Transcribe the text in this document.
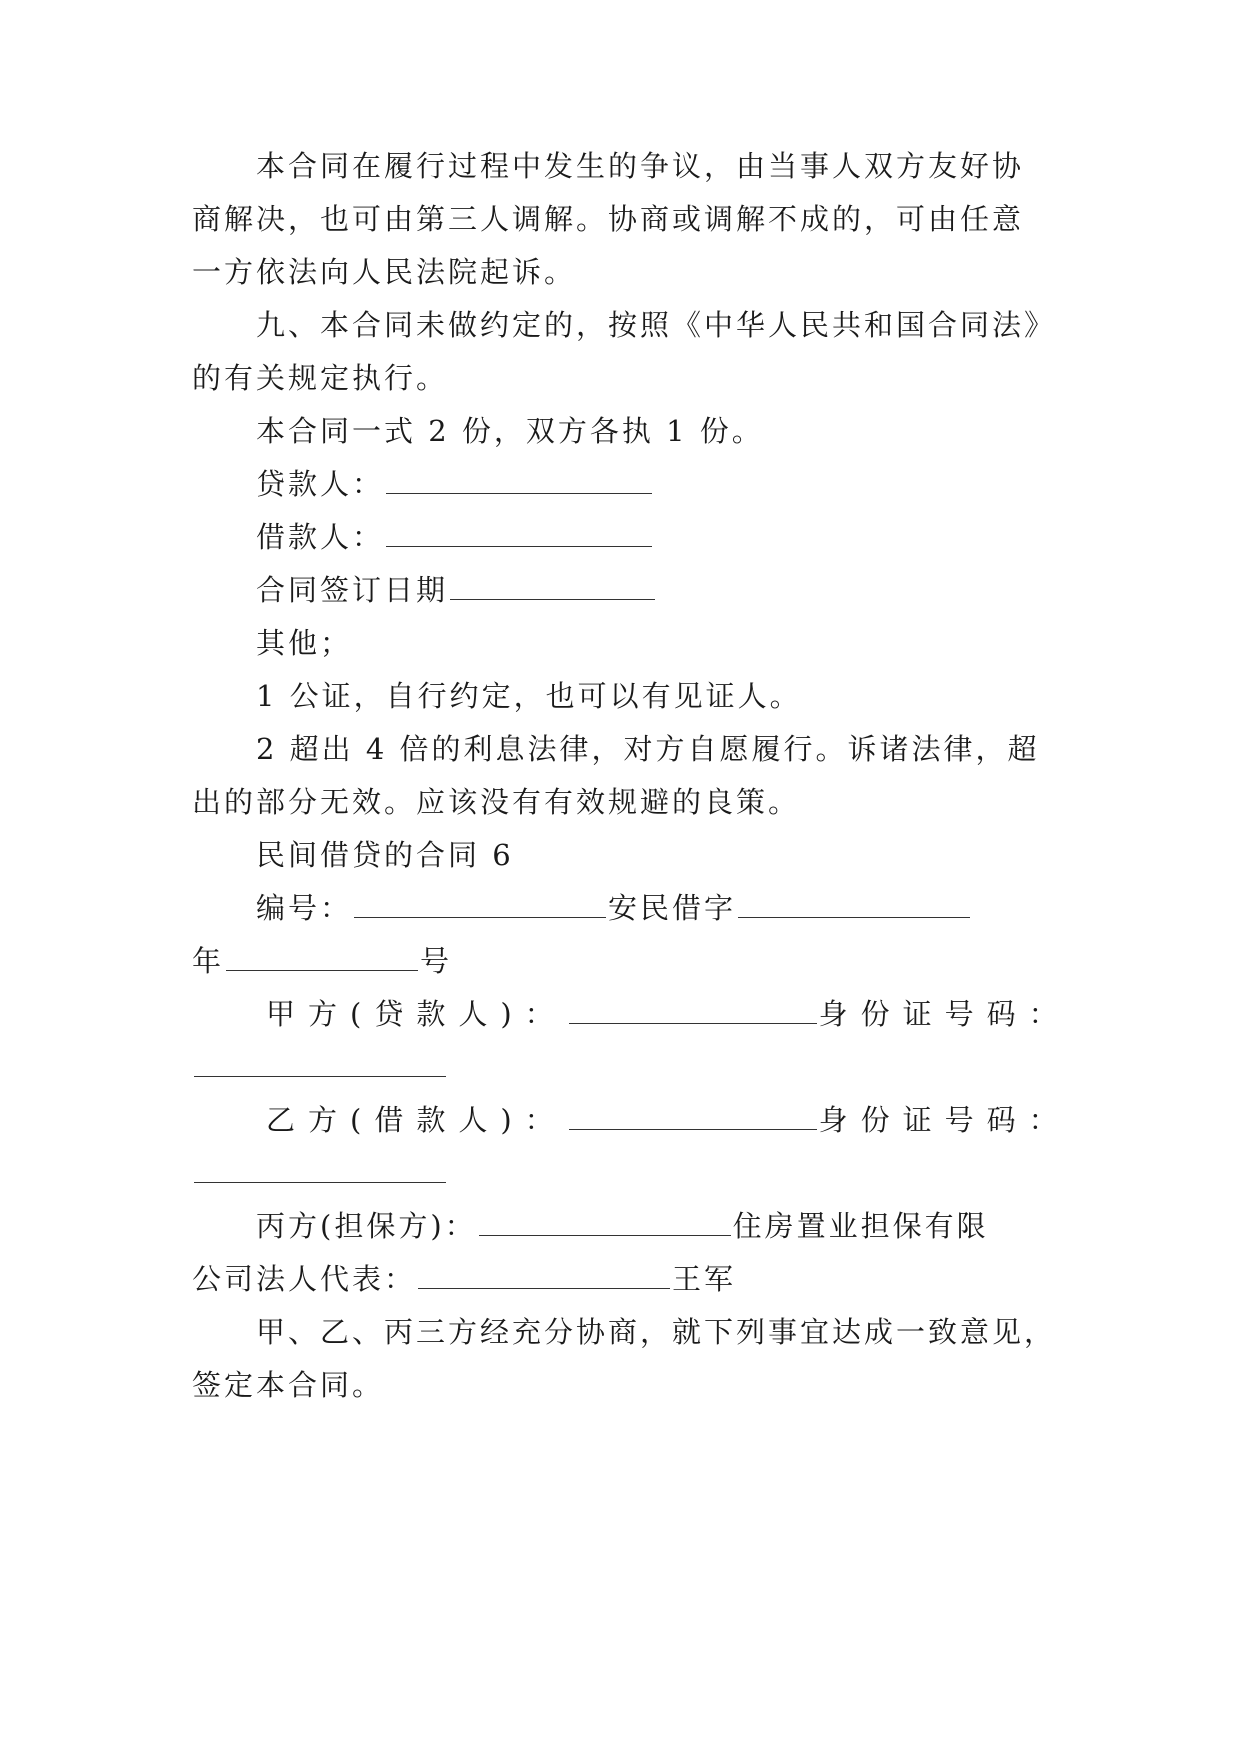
本合同在履行过程中发生的争议，由当事人双方友好协
商解决，也可由第三人调解。协商或调解不成的，可由任意
一方依法向人民法院起诉。
九、本合同未做约定的，按照《中华人民共和国合同法》
的有关规定执行。
本合同一式 2 份，双方各执 1 份。
贷款人：
借款人：
合同签订日期
其他；
1 公证，自行约定，也可以有见证人。
2 超出 4 倍的利息法律，对方自愿履行。诉诸法律，超
出的部分无效。应该没有有效规避的良策。
民间借贷的合同 6
编号：	安民借字
年	号
甲方(贷款人)：	身份证号码：
乙方(借款人)：	身份证号码：
丙方(担保方)：	住房置业担保有限
公司法人代表：	王军
甲、乙、丙三方经充分协商，就下列事宜达成一致意见，
签定本合同。
